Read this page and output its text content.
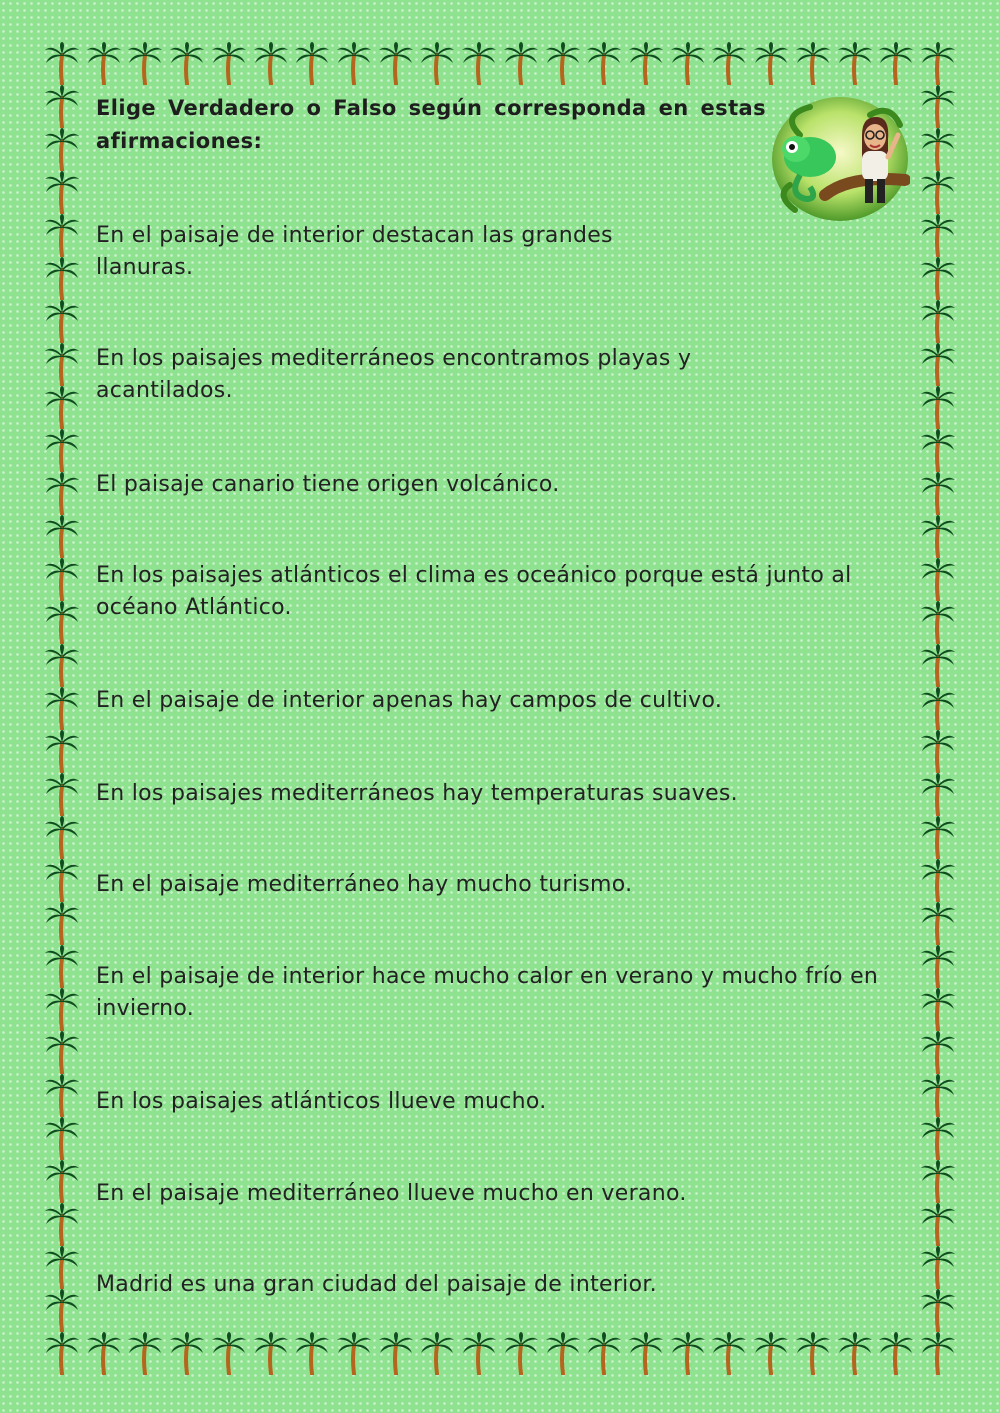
Elige Verdadero o Falso según corresponda en estas afirmaciones:

En el paisaje de interior destacan las grandes llanuras.

En los paisajes mediterráneos encontramos playas y acantilados.

El paisaje canario tiene origen volcánico.

En los paisajes atlánticos el clima es oceánico porque está junto al océano Atlántico.

En el paisaje de interior apenas hay campos de cultivo.

En los paisajes mediterráneos hay temperaturas suaves.

En el paisaje mediterráneo hay mucho turismo.

En el paisaje de interior hace mucho calor en verano y mucho frío en invierno.

En los paisajes atlánticos llueve mucho.

En el paisaje mediterráneo llueve mucho en verano.

Madrid es una gran ciudad del paisaje de interior.
